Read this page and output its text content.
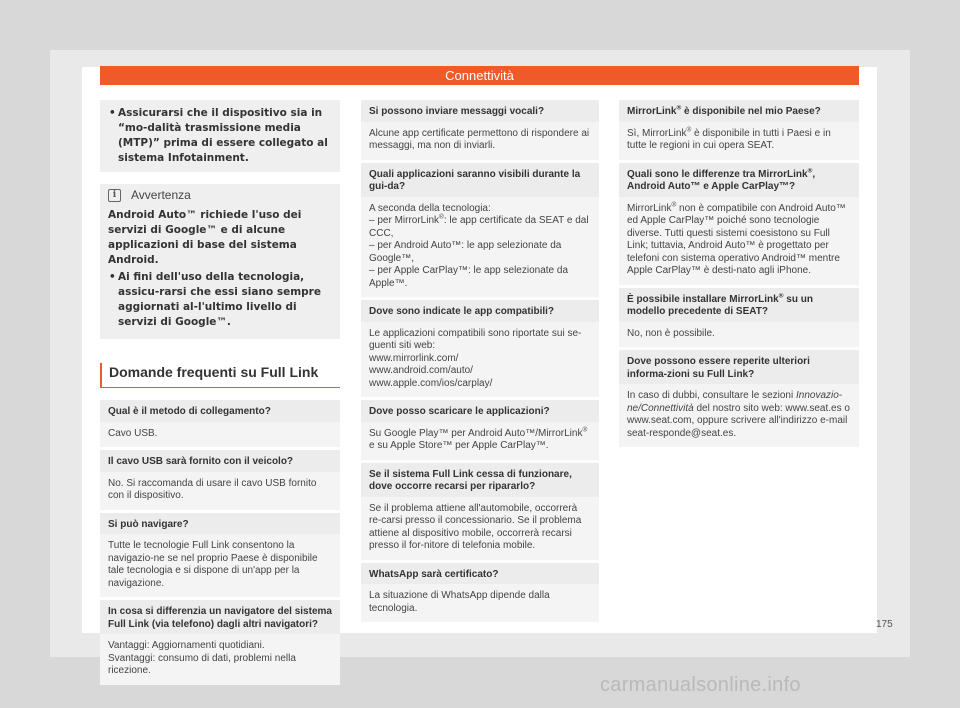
Connettività

• Assicurarsi che il dispositivo sia in “mo-dalità trasmissione media (MTP)” prima di essere collegato al sistema Infotainment.

i	Avvertenza

Android Auto™ richiede l'uso dei servizi di Google™ e di alcune applicazioni di base del sistema Android.

• Ai fini dell'uso della tecnologia, assicu-rarsi che essi siano sempre aggiornati al-l'ultimo livello di servizi di Google™.

Domande frequenti su Full Link
Qual è il metodo di collegamento?
Cavo USB.
Il cavo USB sarà fornito con il veicolo?
No. Si raccomanda di usare il cavo USB fornito con il dispositivo.
Si può navigare?
Tutte le tecnologie Full Link consentono la navigazio-ne se nel proprio Paese è disponibile tale tecnologia e si dispone di un'app per la navigazione.
In cosa si differenzia un navigatore del sistema Full Link (via telefono) dagli altri navigatori?
Vantaggi: Aggiornamenti quotidiani.
Svantaggi: consumo di dati, problemi nella ricezione.
Si possono inviare messaggi vocali?
Alcune app certificate permettono di rispondere ai messaggi, ma non di inviarli.
Quali applicazioni saranno visibili durante la gui-da?
A seconda della tecnologia:
– per MirrorLink®: le app certificate da SEAT e dal CCC,
– per Android Auto™: le app selezionate da Google™,
– per Apple CarPlay™: le app selezionate da Apple™.
Dove sono indicate le app compatibili?
Le applicazioni compatibili sono riportate sui se-guenti siti web:
www.mirrorlink.com/
www.android.com/auto/
www.apple.com/ios/carplay/
Dove posso scaricare le applicazioni?
Su Google Play™ per Android Auto™/MirrorLink® e su Apple Store™ per Apple CarPlay™.
Se il sistema Full Link cessa di funzionare, dove occorre recarsi per ripararlo?
Se il problema attiene all'automobile, occorrerà re-carsi presso il concessionario. Se il problema attiene al dispositivo mobile, occorrerà recarsi presso il for-nitore di telefonia mobile.
WhatsApp sarà certificato?
La situazione di WhatsApp dipende dalla tecnologia.
MirrorLink® è disponibile nel mio Paese?
Sì, MirrorLink® è disponibile in tutti i Paesi e in tutte le regioni in cui opera SEAT.
Quali sono le differenze tra MirrorLink®, Android Auto™ e Apple CarPlay™?
MirrorLink® non è compatibile con Android Auto™ ed Apple CarPlay™ poiché sono tecnologie diverse. Tutti questi sistemi coesistono su Full Link; tuttavia, Android Auto™ è progettato per telefoni con sistema operativo Android™ mentre Apple CarPlay™ è desti-nato agli iPhone.
È possibile installare MirrorLink® su un modello precedente di SEAT?
No, non è possibile.
Dove possono essere reperite ulteriori informa-zioni su Full Link?
In caso di dubbi, consultare le sezioni Innovazio-ne/Connettività del nostro sito web: www.seat.es o www.seat.com, oppure scrivere all'indirizzo e-mail seat-responde@seat.es.
175
carmanualsonline.info
